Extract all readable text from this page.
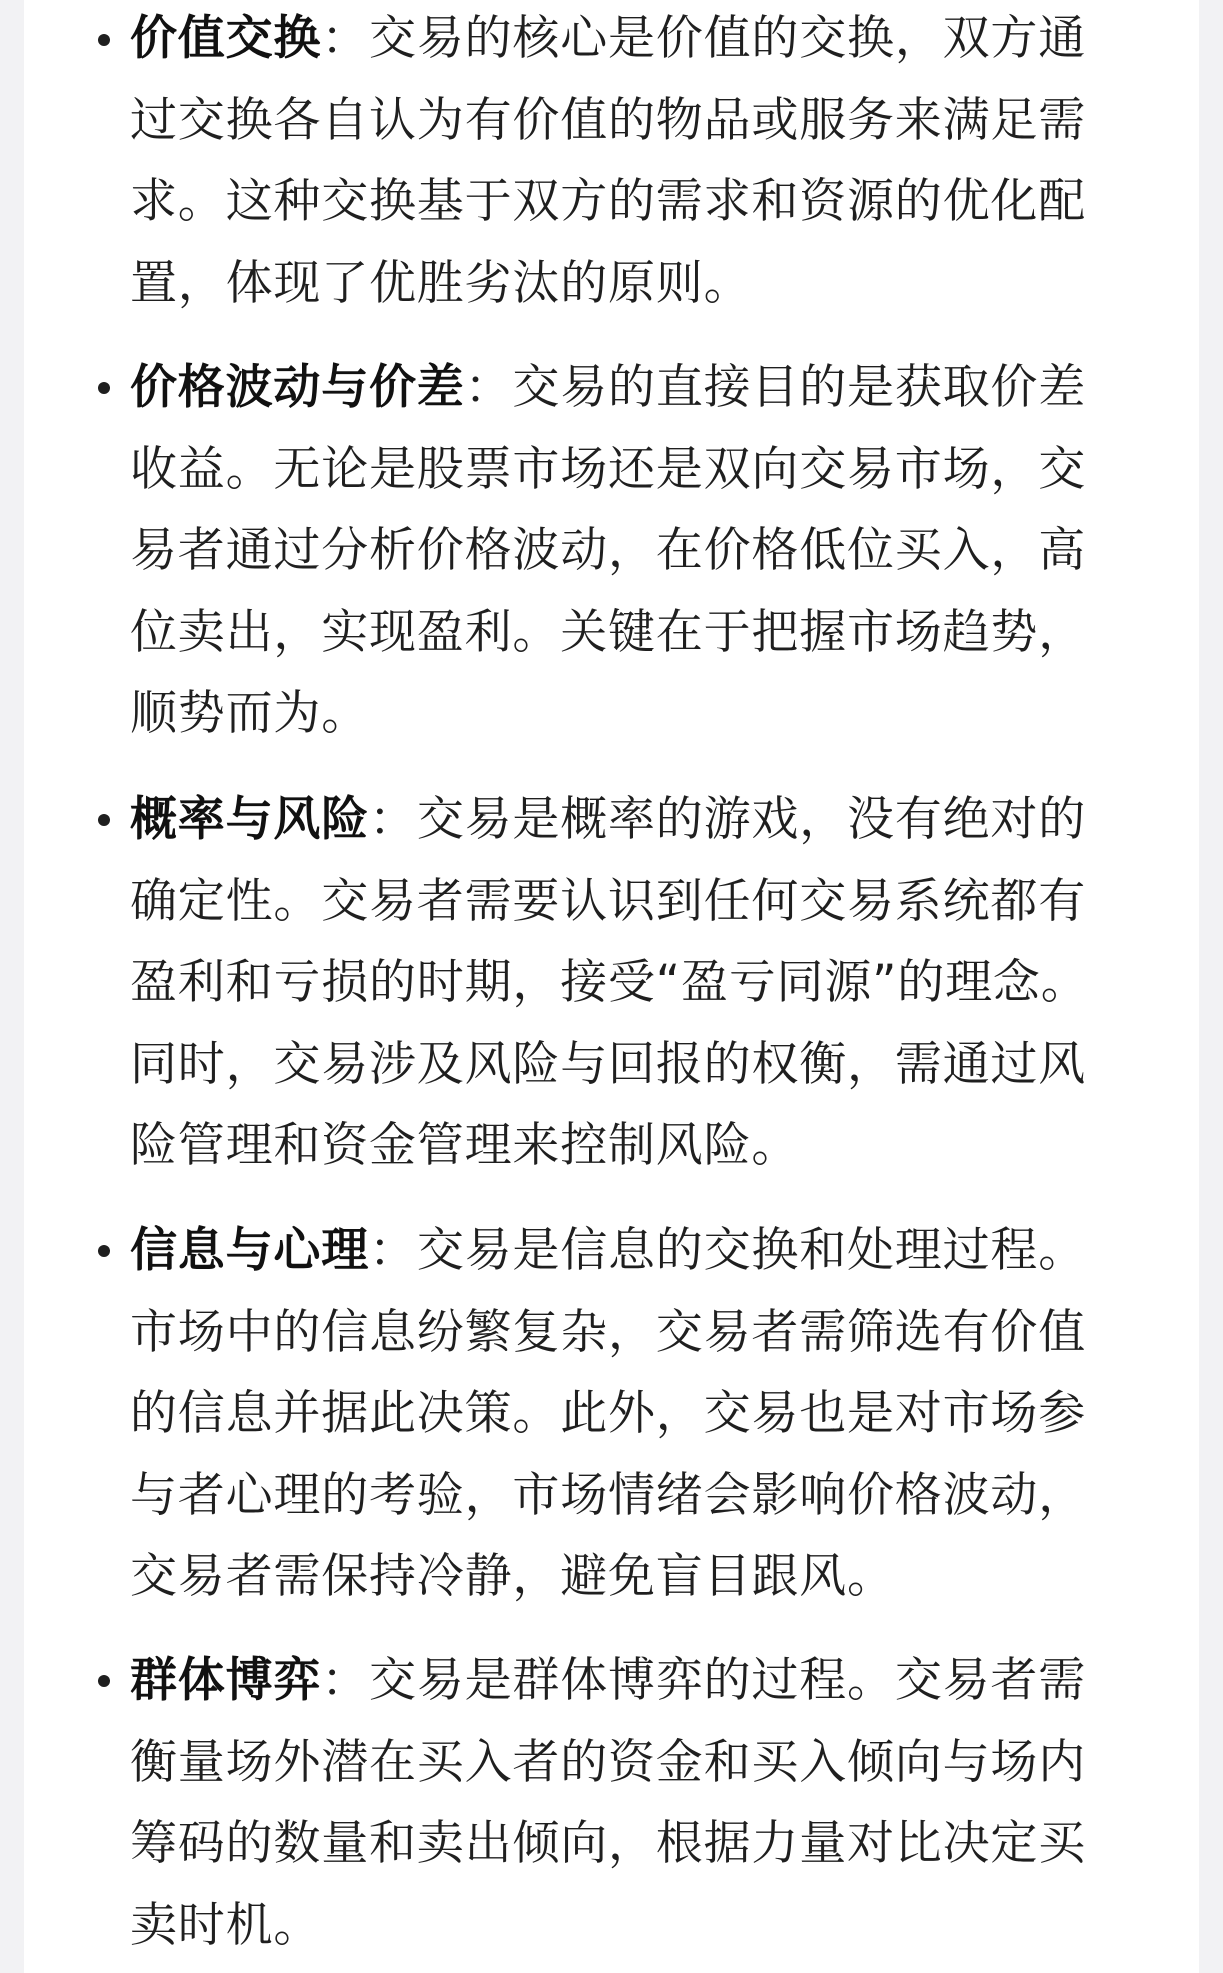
价值交换：交易的核心是价值的交换，双方通过交换各自认为有价值的物品或服务来满足需求。这种交换基于双方的需求和资源的优化配置，体现了优胜劣汰的原则。

价格波动与价差：交易的直接目的是获取价差收益。无论是股票市场还是双向交易市场，交易者通过分析价格波动，在价格低位买入，高位卖出，实现盈利。关键在于把握市场趋势，顺势而为。

概率与风险：交易是概率的游戏，没有绝对的确定性。交易者需要认识到任何交易系统都有盈利和亏损的时期，接受“盈亏同源”的理念。同时，交易涉及风险与回报的权衡，需通过风险管理和资金管理来控制风险。

信息与心理：交易是信息的交换和处理过程。市场中的信息纷繁复杂，交易者需筛选有价值的信息并据此决策。此外，交易也是对市场参与者心理的考验，市场情绪会影响价格波动，交易者需保持冷静，避免盲目跟风。

群体博弈：交易是群体博弈的过程。交易者需衡量场外潜在买入者的资金和买入倾向与场内筹码的数量和卖出倾向，根据力量对比决定买卖时机。
